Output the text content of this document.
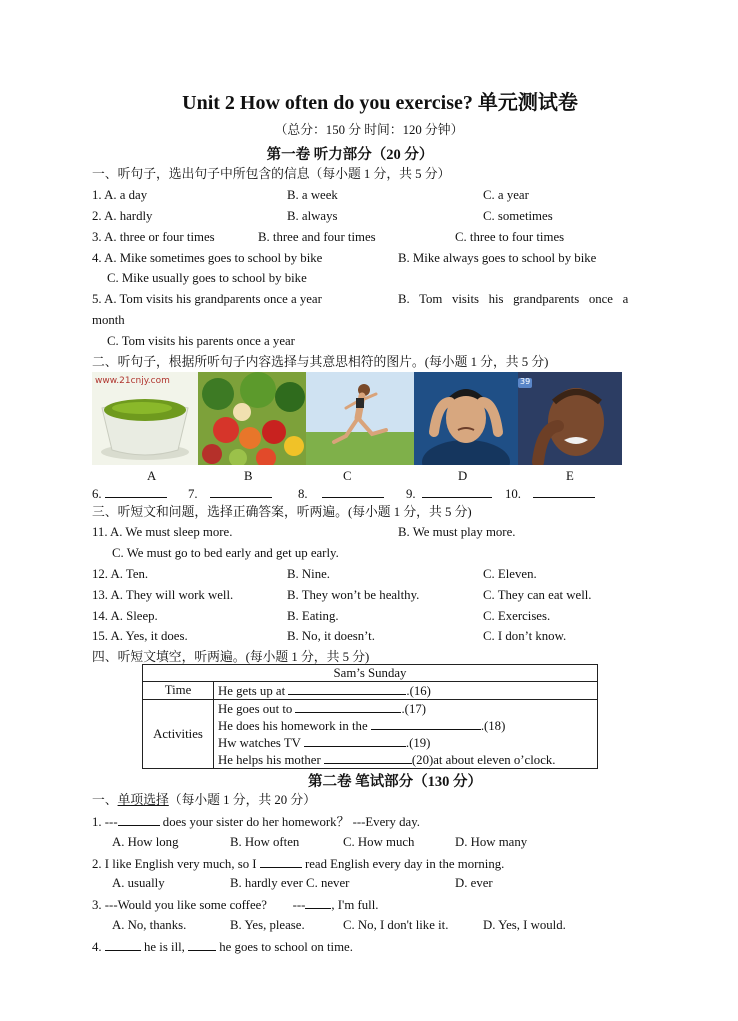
Unit 2 How often do you exercise? 单元测试卷
（总分：150 分 时间：120 分钟）
第一卷 听力部分（20 分）
一、听句子，选出句子中所包含的信息（每小题 1 分，共 5 分）
1. A. a day	B. a week	C. a year
2. A. hardly	B. always	C. sometimes
3. A. three or four times	B. three and four times	C. three to four times
4. A. Mike sometimes goes to school by bike	B. Mike always goes to school by bike
C. Mike usually goes to school by bike
5. A. Tom visits his grandparents once a year	B.   Tom   visits   his   grandparents   once   a
month
C. Tom visits his parents once a year
二、听句子，根据所听句子内容选择与其意思相符的图片。(每小题 1 分，共 5 分)
www.21cnjy.com	39
A	B	C	D	E
6.	7.	8.	9.	10.
三、听短文和问题，选择正确答案，听两遍。(每小题 1 分，共 5 分)
11. A. We must sleep more.	B. We must play more.
C. We must go to bed early and get up early.
12. A. Ten.	B. Nine.	C. Eleven.
13. A. They will work well.	B. They won’t be healthy.	C. They can eat well.
14. A. Sleep.	B. Eating.	C. Exercises.
15. A. Yes, it does.	B. No, it doesn’t.	C. I don’t know.
四、听短文填空，听两遍。(每小题 1 分，共 5 分)
Sam’s Sunday	
Time	He gets up at .(16)
Activities	He goes out to .(17)
He does his homework in the .(18)
Hw watches TV .(19)
He helps his mother (20)at about eleven o’clock.
第二卷 笔试部分（130 分）
一、单项选择（每小题 1 分，共 20 分）
1. ---	does your sister do her homework？ ---Every day.
A. How long	B. How often	C. How much	D. How many
2. I like English very much, so I	read English every day in the morning.
A. usually	B. hardly ever C. never	D. ever
3. ---Would you like some coffee?        --- , I'm full.
A. No, thanks.	B. Yes, please.	C. No, I don't like it.	D. Yes, I would.
4.	he is ill,  he goes to school on time.
